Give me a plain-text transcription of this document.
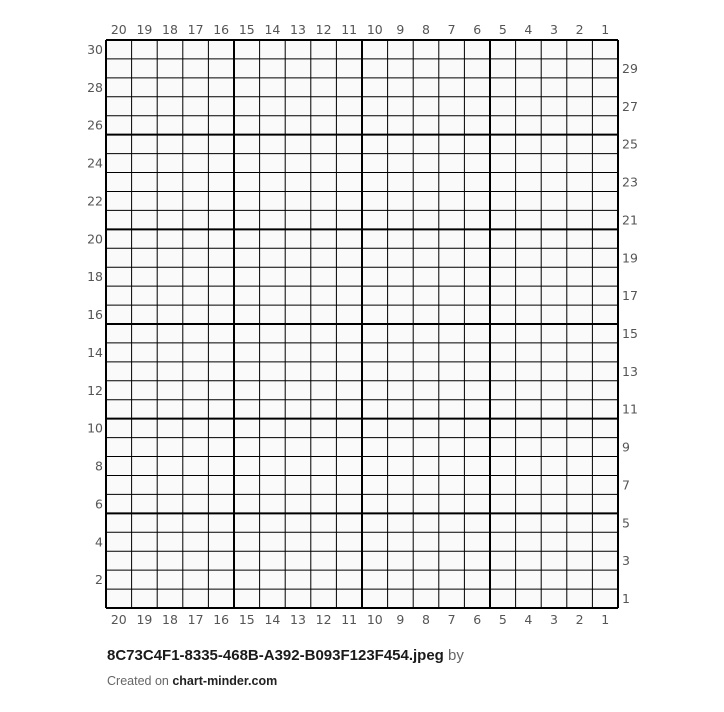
20 19 18 17 16 15 14 13 12 11 10 9 8 7 6 5 4 3 2 1
20 19 18 17 16 15 14 13 12 11 10 9 8 7 6 5 4 3 2 1
30
28
26
24
22
20
18
16
14
12
10
8
6
4
2
29
27
25
23
21
19
17
15
13
11
9
7
5
3
1
8C73C4F1-8335-468B-A392-B093F123F454.jpeg by
Created on chart-minder.com
